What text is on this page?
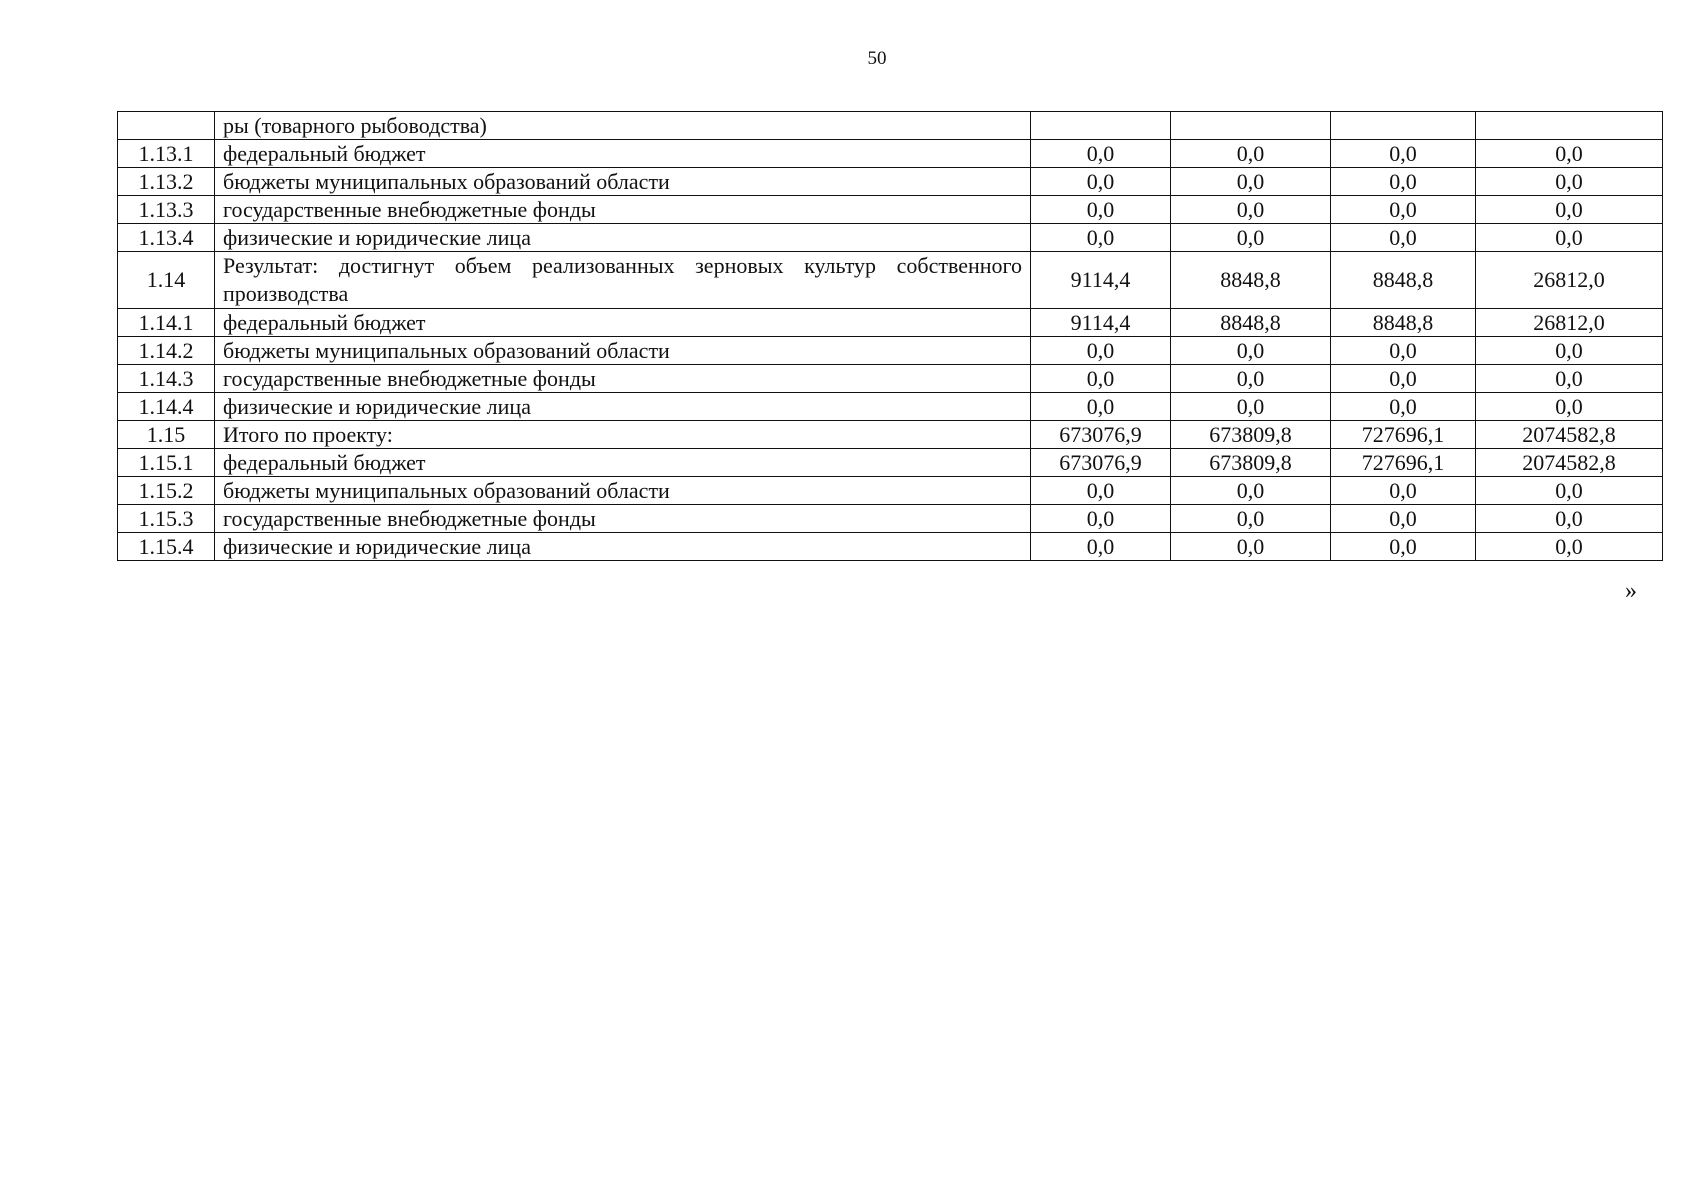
50
	ры (товарного рыбоводства)				
1.13.1	федеральный бюджет	0,0	0,0	0,0	0,0
1.13.2	бюджеты муниципальных образований области	0,0	0,0	0,0	0,0
1.13.3	государственные внебюджетные фонды	0,0	0,0	0,0	0,0
1.13.4	физические и юридические лица	0,0	0,0	0,0	0,0
1.14	Результат: достигнут объем реализованных зерновых культур собственного производства	9114,4	8848,8	8848,8	26812,0
1.14.1	федеральный бюджет	9114,4	8848,8	8848,8	26812,0
1.14.2	бюджеты муниципальных образований области	0,0	0,0	0,0	0,0
1.14.3	государственные внебюджетные фонды	0,0	0,0	0,0	0,0
1.14.4	физические и юридические лица	0,0	0,0	0,0	0,0
1.15	Итого по проекту:	673076,9	673809,8	727696,1	2074582,8
1.15.1	федеральный бюджет	673076,9	673809,8	727696,1	2074582,8
1.15.2	бюджеты муниципальных образований области	0,0	0,0	0,0	0,0
1.15.3	государственные внебюджетные фонды	0,0	0,0	0,0	0,0
1.15.4	физические и юридические лица	0,0	0,0	0,0	0,0
»
